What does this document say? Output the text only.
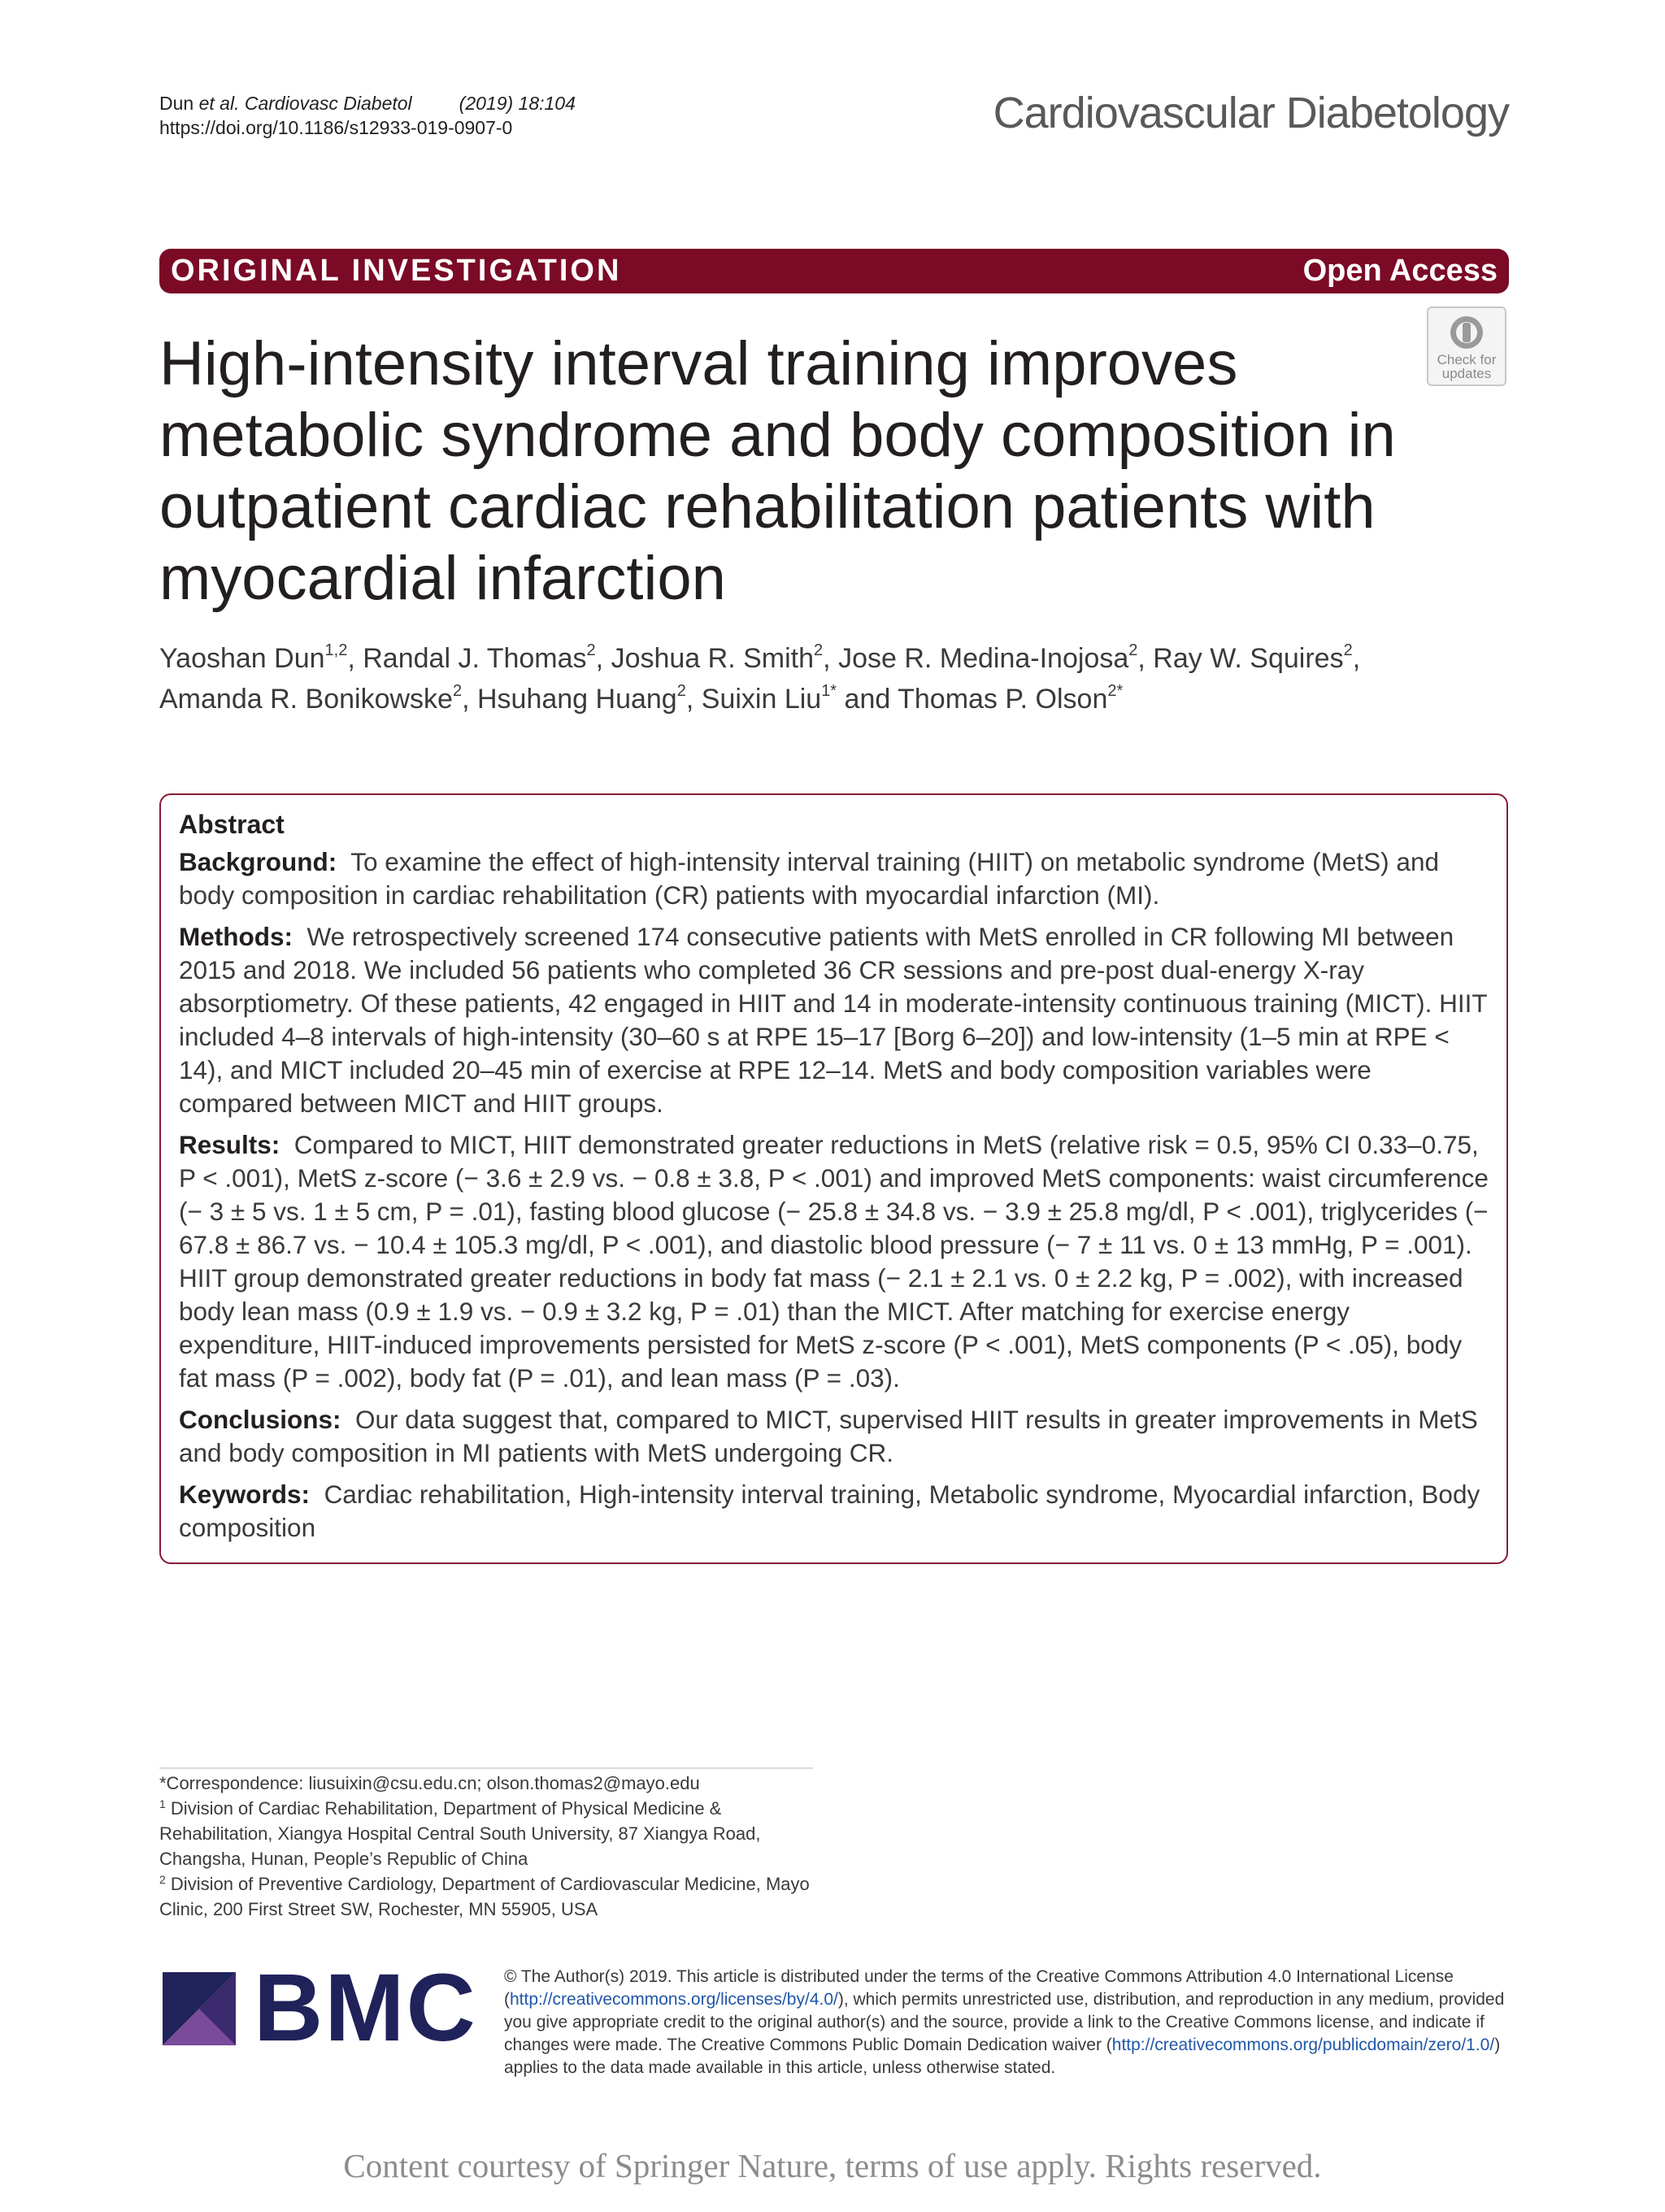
Dun et al. Cardiovasc Diabetol	(2019) 18:104
https://doi.org/10.1186/s12933-019-0907-0	Cardiovascular Diabetology
ORIGINAL INVESTIGATION	Open Access
Check for
updates
High-intensity interval training improves metabolic syndrome and body composition in outpatient cardiac rehabilitation patients with myocardial infarction
Yaoshan Dun$^{1,2}$, Randal J. Thomas$^2$, Joshua R. Smith$^2$, Jose R. Medina-Inojosa$^2$, Ray W. Squires$^2$,
Amanda R. Bonikowske$^2$, Hsuhang Huang$^2$, Suixin Liu$^{1*}$ and Thomas P. Olson$^{2*}$
Abstract

Background: To examine the effect of high-intensity interval training (HIIT) on metabolic syndrome (MetS) and body composition in cardiac rehabilitation (CR) patients with myocardial infarction (MI).

Methods: We retrospectively screened 174 consecutive patients with MetS enrolled in CR following MI between 2015 and 2018. We included 56 patients who completed 36 CR sessions and pre-post dual-energy X-ray absorptiometry. Of these patients, 42 engaged in HIIT and 14 in moderate-intensity continuous training (MICT). HIIT included 4–8 intervals of high-intensity (30–60 s at RPE 15–17 [Borg 6–20]) and low-intensity (1–5 min at RPE < 14), and MICT included 20–45 min of exercise at RPE 12–14. MetS and body composition variables were compared between MICT and HIIT groups.

Results: Compared to MICT, HIIT demonstrated greater reductions in MetS (relative risk = 0.5, 95% CI 0.33–0.75, P < .001), MetS z-score (− 3.6 ± 2.9 vs. − 0.8 ± 3.8, P < .001) and improved MetS components: waist circumference (− 3 ± 5 vs. 1 ± 5 cm, P = .01), fasting blood glucose (− 25.8 ± 34.8 vs. − 3.9 ± 25.8 mg/dl, P < .001), triglycerides (− 67.8 ± 86.7 vs. − 10.4 ± 105.3 mg/dl, P < .001), and diastolic blood pressure (− 7 ± 11 vs. 0 ± 13 mmHg, P = .001). HIIT group demonstrated greater reductions in body fat mass (− 2.1 ± 2.1 vs. 0 ± 2.2 kg, P = .002), with increased body lean mass (0.9 ± 1.9 vs. − 0.9 ± 3.2 kg, P = .01) than the MICT. After matching for exercise energy expenditure, HIIT-induced improvements persisted for MetS z-score (P < .001), MetS components (P < .05), body fat mass (P = .002), body fat (P = .01), and lean mass (P = .03).

Conclusions: Our data suggest that, compared to MICT, supervised HIIT results in greater improvements in MetS and body composition in MI patients with MetS undergoing CR.

Keywords: Cardiac rehabilitation, High-intensity interval training, Metabolic syndrome, Myocardial infarction, Body composition

*Correspondence: liusuixin@csu.edu.cn; olson.thomas2@mayo.edu
$^1$ Division of Cardiac Rehabilitation, Department of Physical Medicine & Rehabilitation, Xiangya Hospital Central South University, 87 Xiangya Road, Changsha, Hunan, People’s Republic of China
$^2$ Division of Preventive Cardiology, Department of Cardiovascular Medicine, Mayo Clinic, 200 First Street SW, Rochester, MN 55905, USA
BMC © The Author(s) 2019. This article is distributed under the terms of the Creative Commons Attribution 4.0 International License (http://creativecommons.org/licenses/by/4.0/), which permits unrestricted use, distribution, and reproduction in any medium, provided you give appropriate credit to the original author(s) and the source, provide a link to the Creative Commons license, and indicate if changes were made. The Creative Commons Public Domain Dedication waiver (http://creativecommons.org/publicdomain/zero/1.0/) applies to the data made available in this article, unless otherwise stated.
Content courtesy of Springer Nature, terms of use apply. Rights reserved.
